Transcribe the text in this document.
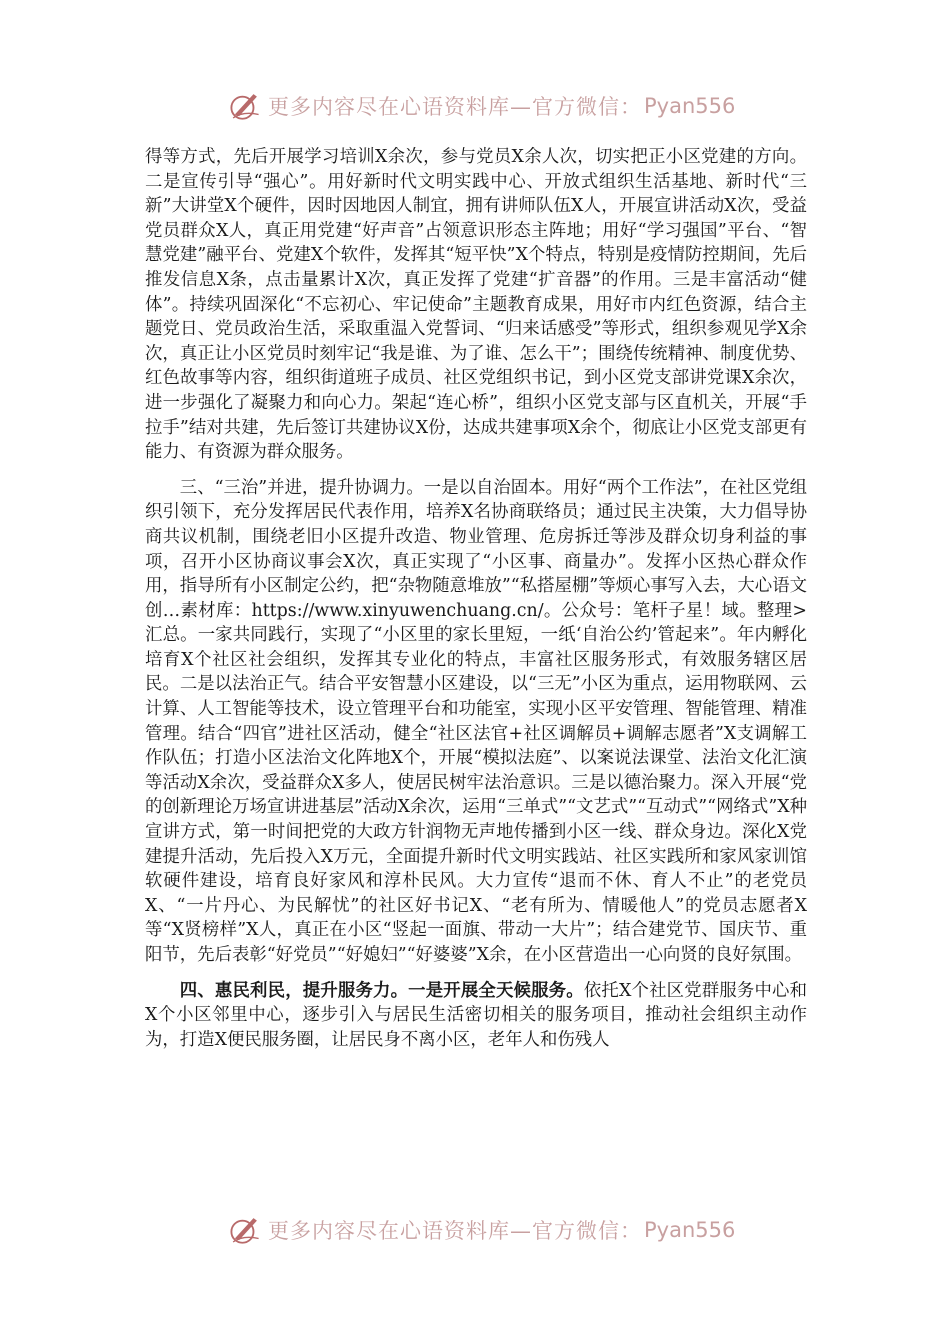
更多内容尽在心语资料库—官方微信： Pyan556

得等方式，先后开展学习培训X余次，参与党员X余人次，切实把正小区党建的方向。二是宣传引导“强心”。用好新时代文明实践中心、开放式组织生活基地、新时代“三新”大讲堂X个硬件，因时因地因人制宜，拥有讲师队伍X人，开展宣讲活动X次，受益党员群众X人，真正用党建“好声音”占领意识形态主阵地；用好“学习强国”平台、“智慧党建”融平台、党建X个软件，发挥其“短平快”X个特点，特别是疫情防控期间，先后推发信息X条，点击量累计X次，真正发挥了党建“扩音器”的作用。三是丰富活动“健体”。持续巩固深化“不忘初心、牢记使命”主题教育成果，用好市内红色资源，结合主题党日、党员政治生活，采取重温入党誓词、“归来话感受”等形式，组织参观见学X余次，真正让小区党员时刻牢记“我是谁、为了谁、怎么干”；围绕传统精神、制度优势、红色故事等内容，组织街道班子成员、社区党组织书记，到小区党支部讲党课X余次，进一步强化了凝聚力和向心力。架起“连心桥”，组织小区党支部与区直机关，开展“手拉手”结对共建，先后签订共建协议X份，达成共建事项X余个，彻底让小区党支部更有能力、有资源为群众服务。

三、“三治”并进，提升协调力。一是以自治固本。用好“两个工作法”，在社区党组织引领下，充分发挥居民代表作用，培养X名协商联络员；通过民主决策，大力倡导协商共议机制，围绕老旧小区提升改造、物业管理、危房拆迁等涉及群众切身利益的事项，召开小区协商议事会X次，真正实现了“小区事、商量办”。发挥小区热心群众作用，指导所有小区制定公约，把“杂物随意堆放”“私搭屋棚”等烦心事写入去，大心语文创…素材库：https://www.xinyuwenchuang.cn/。公众号：笔杆子星！域。整理>汇总。一家共同践行，实现了“小区里的家长里短，一纸‘自治公约’管起来”。年内孵化培育X个社区社会组织，发挥其专业化的特点，丰富社区服务形式，有效服务辖区居民。二是以法治正气。结合平安智慧小区建设，以“三无”小区为重点，运用物联网、云计算、人工智能等技术，设立管理平台和功能室，实现小区平安管理、智能管理、精准管理。结合“四官”进社区活动，健全“社区法官+社区调解员+调解志愿者”X支调解工作队伍；打造小区法治文化阵地X个，开展“模拟法庭”、以案说法课堂、法治文化汇演等活动X余次，受益群众X多人，使居民树牢法治意识。三是以德治聚力。深入开展“党的创新理论万场宣讲进基层”活动X余次，运用“三单式”“文艺式”“互动式”“网络式”X种宣讲方式，第一时间把党的大政方针润物无声地传播到小区一线、群众身边。深化X党建提升活动，先后投入X万元，全面提升新时代文明实践站、社区实践所和家风家训馆软硬件建设，培育良好家风和淳朴民风。大力宣传“退而不休、育人不止”的老党员X、“一片丹心、为民解忧”的社区好书记X、“老有所为、情暖他人”的党员志愿者X等“X贤榜样”X人，真正在小区“竖起一面旗、带动一大片”；结合建党节、国庆节、重阳节，先后表彰“好党员”“好媳妇”“好婆婆”X余，在小区营造出一心向贤的良好氛围。

四、惠民利民，提升服务力。一是开展全天候服务。依托X个社区党群服务中心和X个小区邻里中心，逐步引入与居民生活密切相关的服务项目，推动社会组织主动作为，打造X便民服务圈，让居民身不离小区，老年人和伤残人

更多内容尽在心语资料库—官方微信： Pyan556
